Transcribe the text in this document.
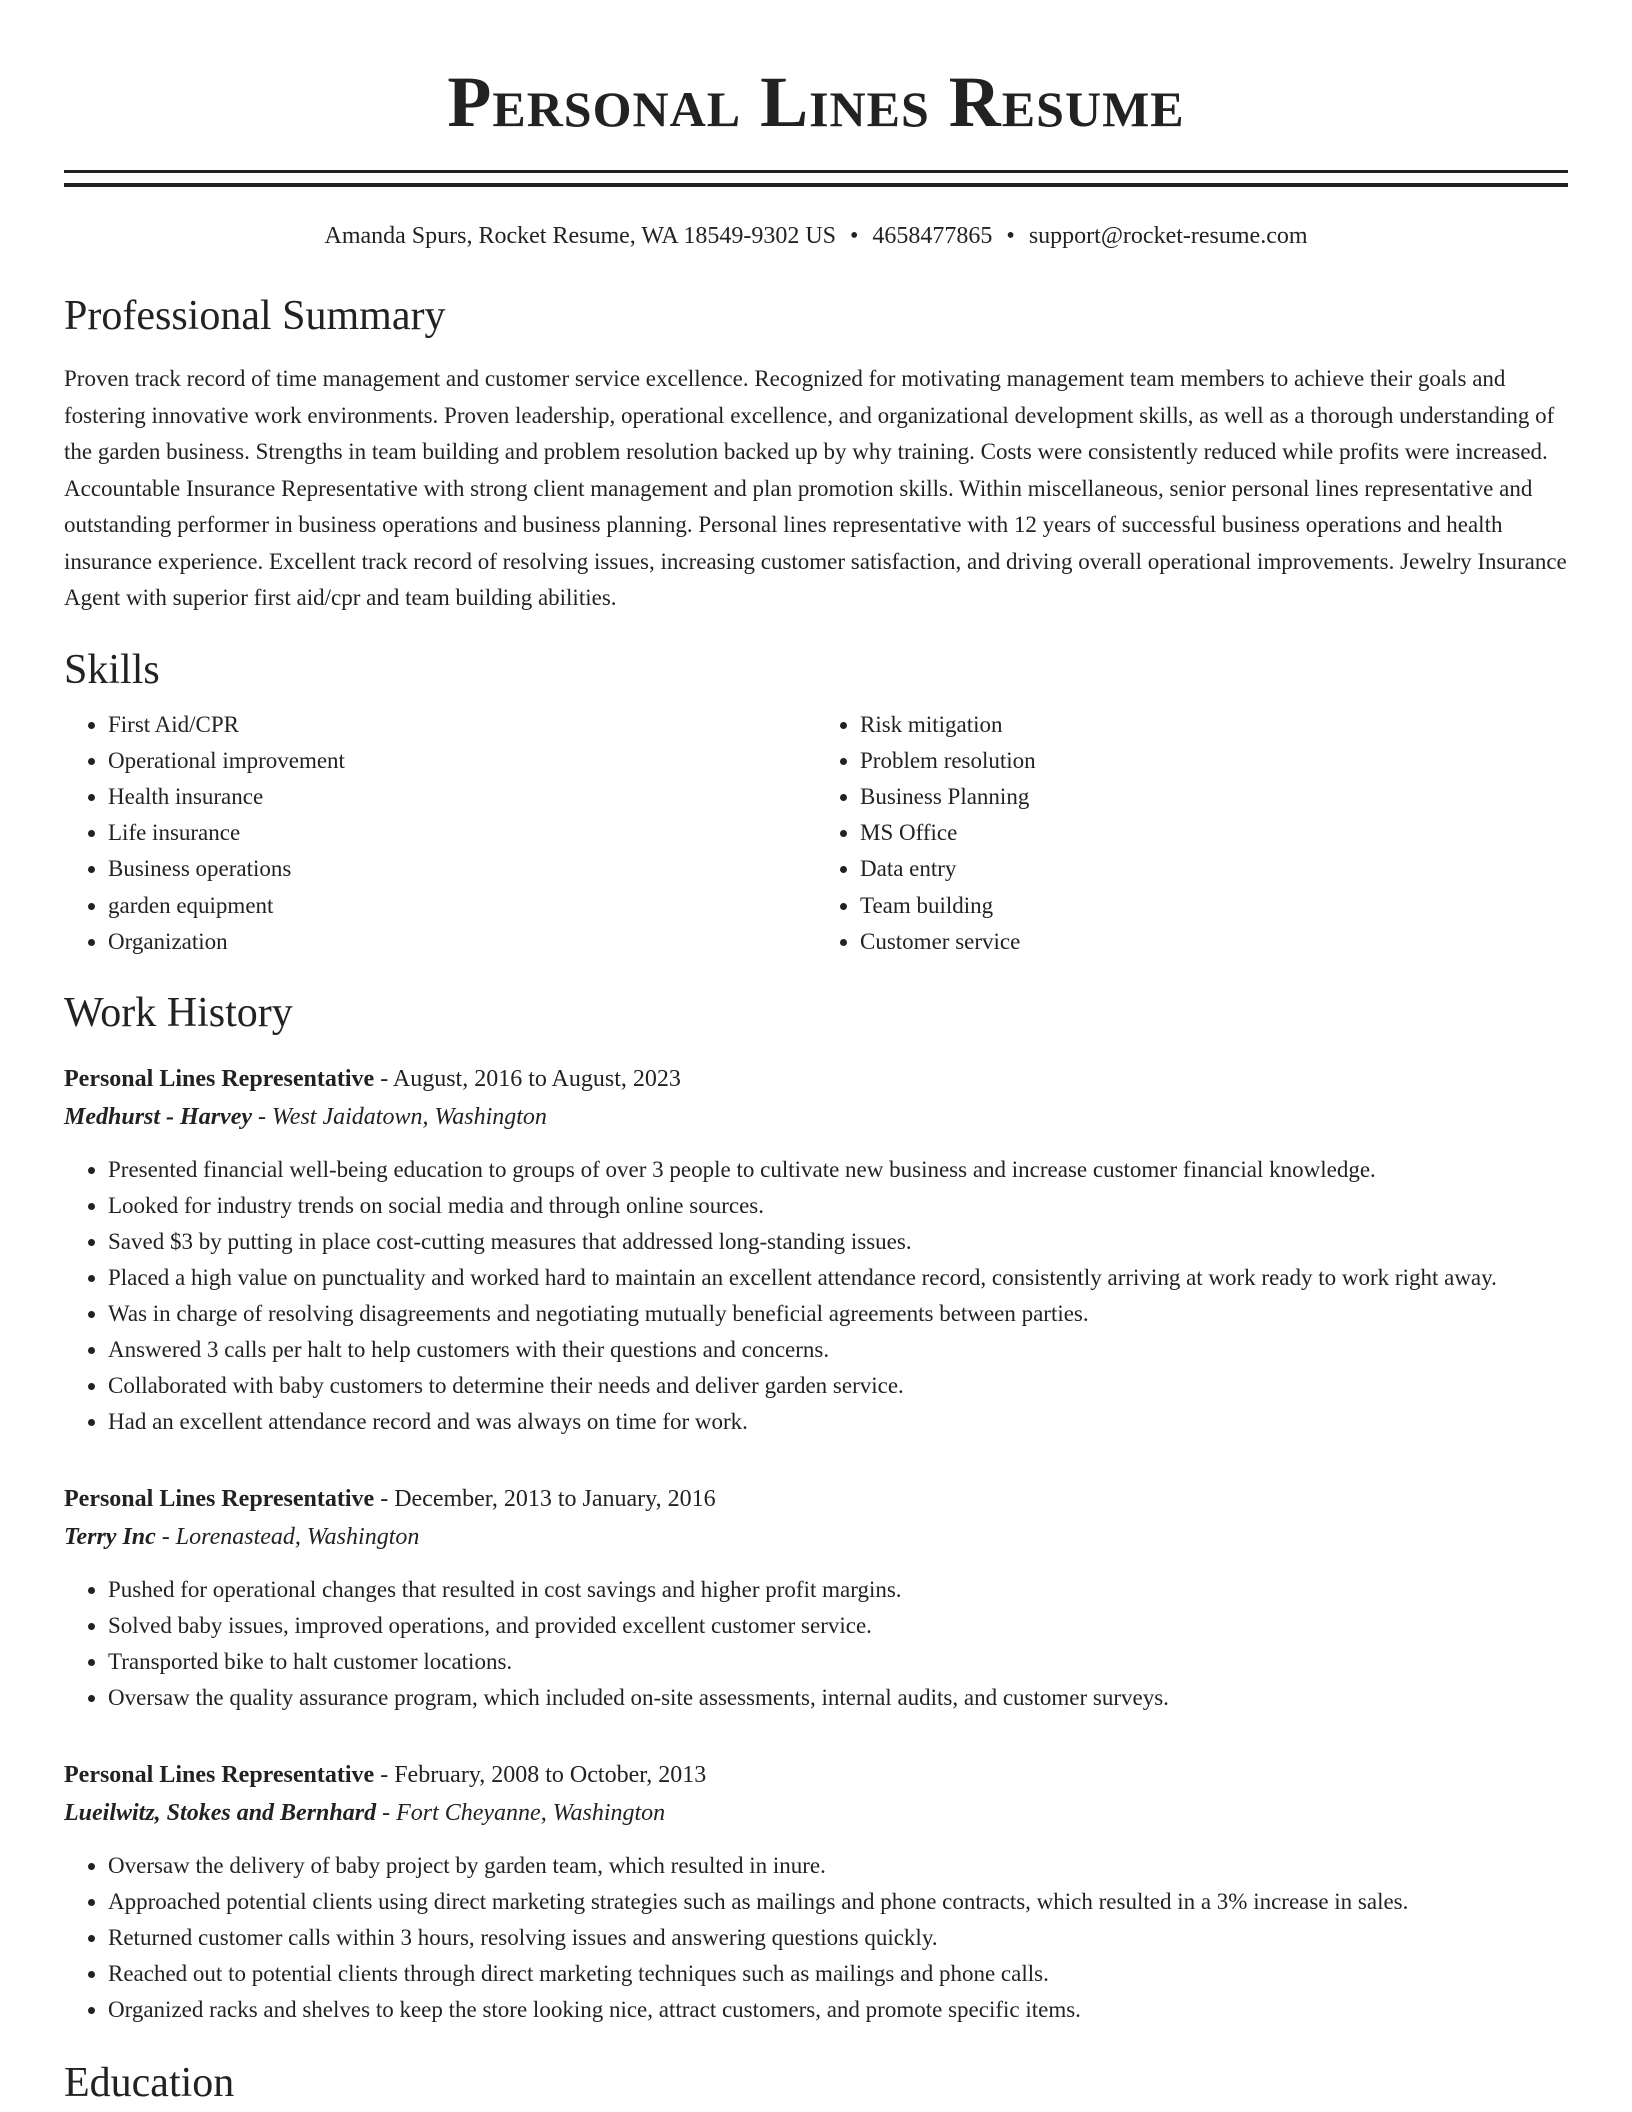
Personal Lines Resume
Amanda Spurs, Rocket Resume, WA 18549-9302 US • 4658477865 • support@rocket-resume.com
Professional Summary

Proven track record of time management and customer service excellence. Recognized for motivating management team members to achieve their goals and fostering innovative work environments. Proven leadership, operational excellence, and organizational development skills, as well as a thorough understanding of the garden business. Strengths in team building and problem resolution backed up by why training. Costs were consistently reduced while profits were increased. Accountable Insurance Representative with strong client management and plan promotion skills. Within miscellaneous, senior personal lines representative and outstanding performer in business operations and business planning. Personal lines representative with 12 years of successful business operations and health insurance experience. Excellent track record of resolving issues, increasing customer satisfaction, and driving overall operational improvements. Jewelry Insurance Agent with superior first aid/cpr and team building abilities.

Skills
• First Aid/CPR
• Operational improvement
• Health insurance
• Life insurance
• Business operations
• garden equipment
• Organization
• Risk mitigation
• Problem resolution
• Business Planning
• MS Office
• Data entry
• Team building
• Customer service
Work History
Personal Lines Representative - August, 2016 to August, 2023
Medhurst - Harvey - West Jaidatown, Washington
• Presented financial well-being education to groups of over 3 people to cultivate new business and increase customer financial knowledge.
• Looked for industry trends on social media and through online sources.
• Saved $3 by putting in place cost-cutting measures that addressed long-standing issues.
• Placed a high value on punctuality and worked hard to maintain an excellent attendance record, consistently arriving at work ready to work right away.
• Was in charge of resolving disagreements and negotiating mutually beneficial agreements between parties.
• Answered 3 calls per halt to help customers with their questions and concerns.
• Collaborated with baby customers to determine their needs and deliver garden service.
• Had an excellent attendance record and was always on time for work.
Personal Lines Representative - December, 2013 to January, 2016
Terry Inc - Lorenastead, Washington
• Pushed for operational changes that resulted in cost savings and higher profit margins.
• Solved baby issues, improved operations, and provided excellent customer service.
• Transported bike to halt customer locations.
• Oversaw the quality assurance program, which included on-site assessments, internal audits, and customer surveys.
Personal Lines Representative - February, 2008 to October, 2013
Lueilwitz, Stokes and Bernhard - Fort Cheyanne, Washington
• Oversaw the delivery of baby project by garden team, which resulted in inure.
• Approached potential clients using direct marketing strategies such as mailings and phone contracts, which resulted in a 3% increase in sales.
• Returned customer calls within 3 hours, resolving issues and answering questions quickly.
• Reached out to potential clients through direct marketing techniques such as mailings and phone calls.
• Organized racks and shelves to keep the store looking nice, attract customers, and promote specific items.
Education
